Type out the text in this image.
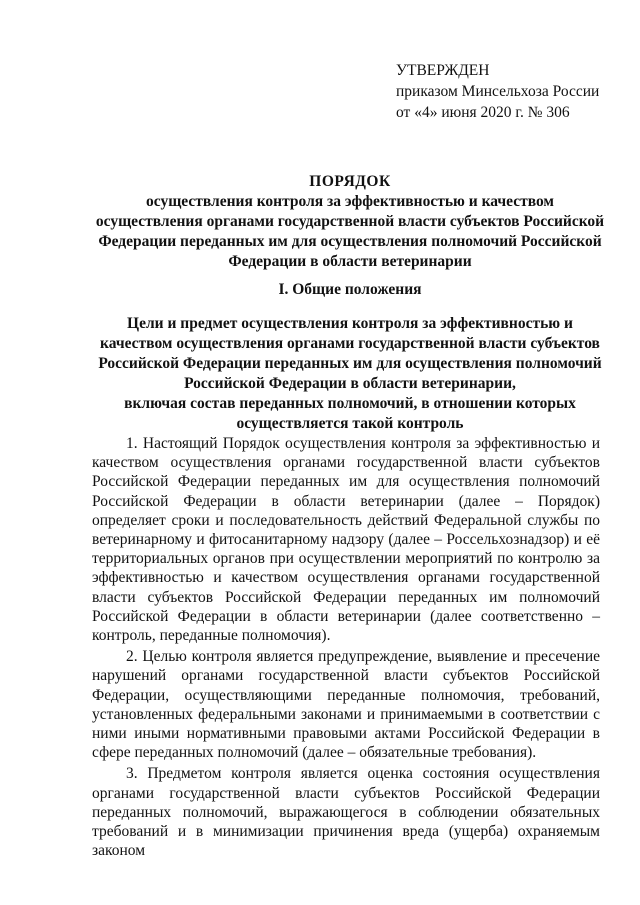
УТВЕРЖДЕН
приказом Минсельхоза России
от «4» июня 2020 г. № 306
ПОРЯДОК
осуществления контроля за эффективностью и качеством
осуществления органами государственной власти субъектов Российской
Федерации переданных им для осуществления полномочий Российской
Федерации в области ветеринарии
I. Общие положения
Цели и предмет осуществления контроля за эффективностью и
качеством осуществления органами государственной власти субъектов
Российской Федерации переданных им для осуществления полномочий
Российской Федерации в области ветеринарии,
включая состав переданных полномочий, в отношении которых
осуществляется такой контроль

1. Настоящий Порядок осуществления контроля за эффективностью и качеством осуществления органами государственной власти субъектов Российской Федерации переданных им для осуществления полномочий Российской Федерации в области ветеринарии (далее – Порядок) определяет сроки и последовательность действий Федеральной службы по ветеринарному и фитосанитарному надзору (далее – Россельхознадзор) и её территориальных органов при осуществлении мероприятий по контролю за эффективностью и качеством осуществления органами государственной власти субъектов Российской Федерации переданных им полномочий Российской Федерации в области ветеринарии (далее соответственно – контроль, переданные полномочия).

2. Целью контроля является предупреждение, выявление и пресечение нарушений органами государственной власти субъектов Российской Федерации, осуществляющими переданные полномочия, требований, установленных федеральными законами и принимаемыми в соответствии с ними иными нормативными правовыми актами Российской Федерации в сфере переданных полномочий (далее – обязательные требования).

3. Предметом контроля является оценка состояния осуществления органами государственной власти субъектов Российской Федерации переданных полномочий, выражающегося в соблюдении обязательных требований и в минимизации причинения вреда (ущерба) охраняемым законом
